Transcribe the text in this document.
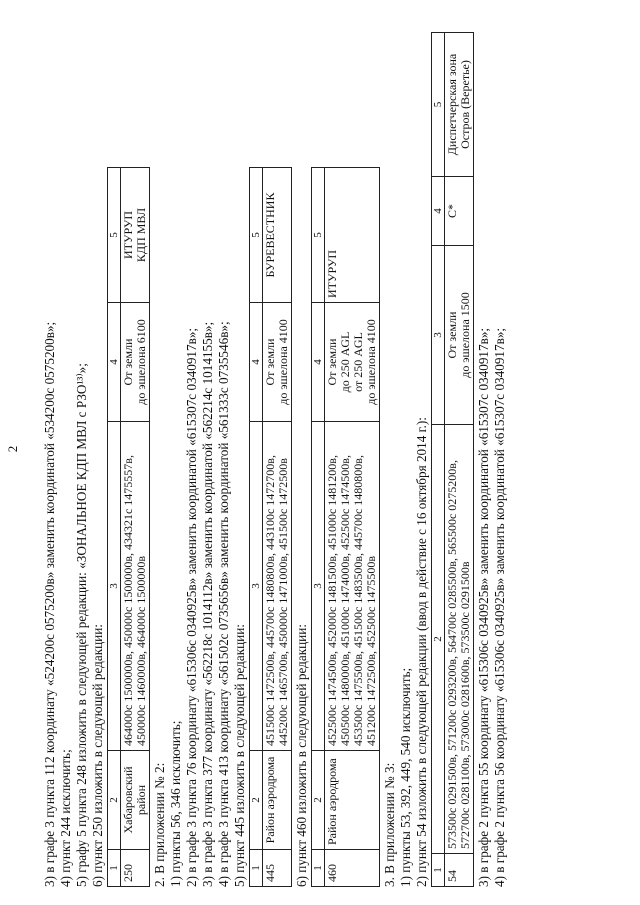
2 3) в графе 3 пункта 112 координату «524200с 0575200в» заменить координатой «534200с 0575200в»; 4) пункт 244 исключить; 5) графу 5 пункта 248 изложить в следующей редакции: «ЗОНАЛЬНОЕ КДП МВЛ с РЗО¹³⁾»; 6) пункт 250 изложить в следующей редакции: 1	2	3	4	5
250	Хабаровский
район	464000с 1500000в, 450000с 1500000в, 434321с 1475557в,
450000с 1460000в, 464000с 1500000в	От земли
до эшелона 6100	ИТУРУП
КДП МВЛ
2. В приложении № 2: 1) пункты 56, 346 исключить; 2) в графе 3 пункта 76 координату «615306с 0340925в» заменить координатой «615307с 0340917в»; 3) в графе 3 пункта 377 координату «562218с 1014112в» заменить координатой «562214с 1014155в»; 4) в графе 3 пункта 413 координату «561502с 0735656в» заменить координатой «561333с 0735546в»; 5) пункт 445 изложить в следующей редакции: 1	2	3	4	5
445	Район аэродрома	451500с 1472500в, 445700с 1480800в, 443100с 1472700в,
445200с 1465700в, 450000с 1471000в, 451500с 1472500в	От земли
до эшелона 4100	БУРЕВЕСТНИК
6) пункт 460 изложить в следующей редакции: 1	2	3	4	5
460	Район аэродрома	452500с 1474500в, 452000с 1481500в, 451000с 1481200в,
450500с 1480000в, 451000с 1474000в, 452500с 1474500в,
453500с 1475500в, 451500с 1483500в, 445700с 1480800в,
451200с 1472500в, 452500с 1475500в	От земли
до 250 AGL
от 250 AGL
до эшелона 4100	ИТУРУП
3. В приложении № 3: 1) пункты 53, 392, 449, 540 исключить; 2) пункт 54 изложить в следующей редакции (ввод в действие с 16 октября 2014 г.): 1	2	3	4	5
54	573500с 0291500в, 571200с 0293200в, 564700с 0285500в, 565500с 0275200в,
572700с 0281100в, 573000с 0281600в, 573500с 0291500в	От земли
до эшелона 1500	С*	Диспетчерская зона
Остров (Веретье)
3) в графе 2 пункта 55 координату «615306с 0340925в» заменить координатой «615307с 0340917в»; 4) в графе 2 пункта 56 координату «615306с 0340925в» заменить координатой «615307с 0340917в»;
